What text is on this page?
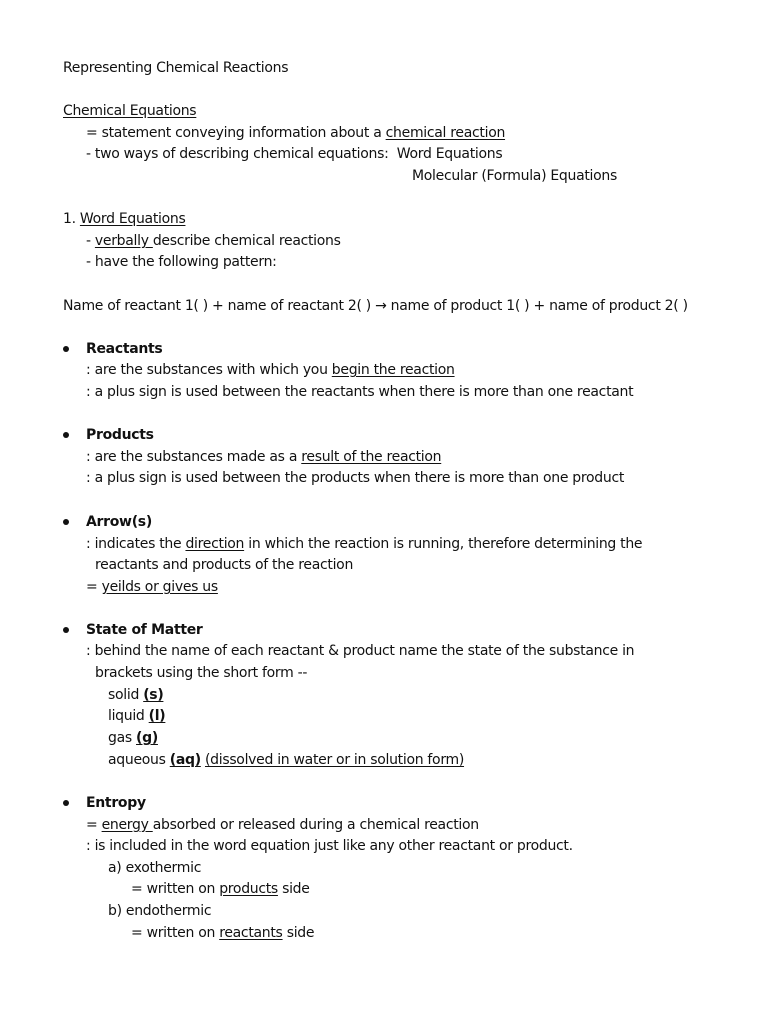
Representing Chemical Reactions
Chemical Equations
= statement conveying information about a chemical reaction
- two ways of describing chemical equations:  Word Equations
Molecular (Formula) Equations
1. Word Equations
- verbally describe chemical reactions
- have the following pattern:
Name of reactant 1( ) + name of reactant 2( ) → name of product 1( ) + name of product 2( )
Reactants
: are the substances with which you begin the reaction
: a plus sign is used between the reactants when there is more than one reactant
Products
: are the substances made as a result of the reaction
: a plus sign is used between the products when there is more than one product
Arrow(s)
: indicates the direction in which the reaction is running, therefore determining the
reactants and products of the reaction
= yeilds or gives us
State of Matter
: behind the name of each reactant & product name the state of the substance in
brackets using the short form --
solid (s)
liquid (l)
gas (g)
aqueous (aq) (dissolved in water or in solution form)
Entropy
= energy absorbed or released during a chemical reaction
: is included in the word equation just like any other reactant or product.
a) exothermic
= written on products side
b) endothermic
= written on reactants side
